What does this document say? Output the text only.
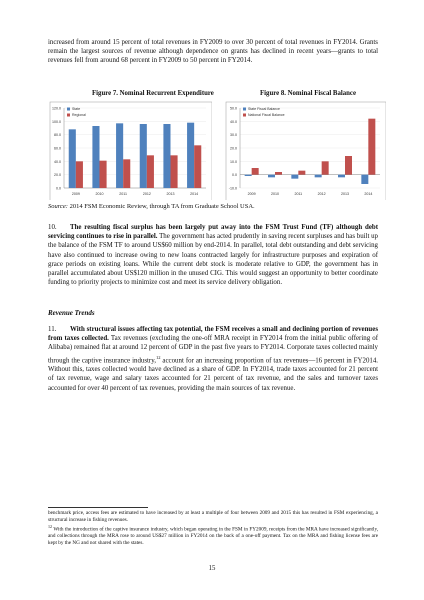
increased from around 15 percent of total revenues in FY2009 to over 30 percent of total revenues in FY2014. Grants remain the largest sources of revenue although dependence on grants has declined in recent years—grants to total revenues fell from around 68 percent in FY2009 to 50 percent in FY2014.
Figure 7. Nominal Recurrent Expenditure	Figure 8. Nominal Fiscal Balance
0.0
20.0
40.0
60.0
80.0
100.0
120.0
2009	2010	2011	2012	2013	2014
State
Regional
-10.0
0.0
10.0
20.0
30.0
40.0
50.0
2009	2010	2011	2012	2013	2014
State Fiscal Balance
National Fiscal Balance
Source: 2014 FSM Economic Review, through TA from Graduate School USA.
10. The resulting fiscal surplus has been largely put away into the FSM Trust Fund (TF) although debt servicing continues to rise in parallel. The government has acted prudently in saving recent surpluses and has built up the balance of the FSM TF to around US$60 million by end-2014. In parallel, total debt outstanding and debt servicing have also continued to increase owing to new loans contracted largely for infrastructure purposes and expiration of grace periods on existing loans. While the current debt stock is moderate relative to GDP, the government has in parallel accumulated about US$120 million in the unused CIG. This would suggest an opportunity to better coordinate funding to priority projects to minimize cost and meet its service delivery obligation.
Revenue Trends
11. With structural issues affecting tax potential, the FSM receives a small and declining portion of revenues from taxes collected. Tax revenues (excluding the one-off MRA receipt in FY2014 from the initial public offering of Alibaba) remained flat at around 12 percent of GDP in the past five years to FY2014. Corporate taxes collected mainly through the captive insurance industry,$^{12}$ account for an increasing proportion of tax revenues—16 percent in FY2014. Without this, taxes collected would have declined as a share of GDP. In FY2014, trade taxes accounted for 21 percent of tax revenue, wage and salary taxes accounted for 21 percent of tax revenue, and the sales and turnover taxes accounted for over 40 percent of tax revenues, providing the main sources of tax revenue.
benchmark price, access fees are estimated to have increased by at least a multiple of four between 2009 and 2015 this has resulted in FSM experiencing, a structural increase in fishing revenues.
$^{12}$ With the introduction of the captive insurance industry, which began operating in the FSM in FY2009, receipts from the MRA have increased significantly, and collections through the MRA rose to around US$27 million in FY2014 on the back of a one-off payment. Tax on the MRA and fishing license fees are kept by the NG and not shared with the states.
15
